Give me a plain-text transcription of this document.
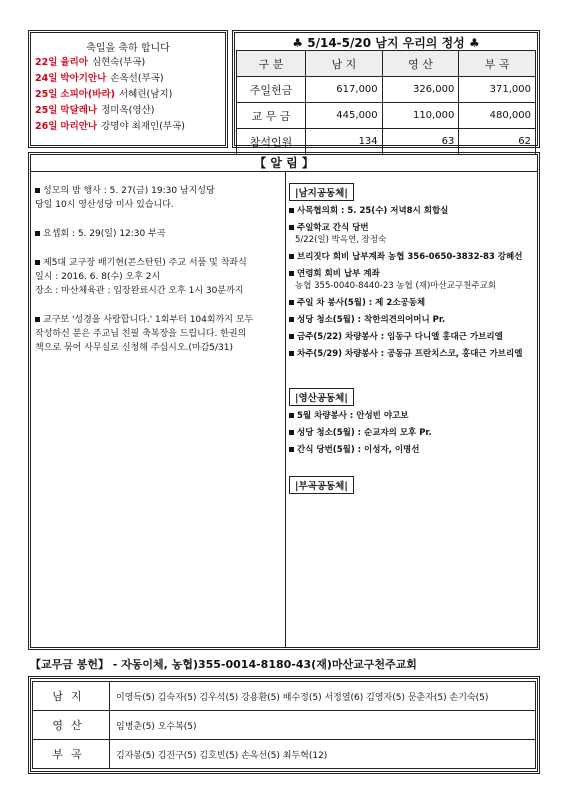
축일을 축하 합니다
22일 율리아 심현숙(부곡)
24일 박아기안나 손옥선(부곡)
25일 소피아(바라) 서혜린(남지)
25일 막달레나 정미옥(영산)
26일 마리안나 강명야 최재인(부곡)
♣ 5/14-5/20 남지 우리의 정성 ♣
구 분	남 지	영 산	부 곡
주일헌금	617,000	326,000	371,000
교 무 금	445,000	110,000	480,000
참석인원	134	63	62
【 알 림 】
성모의 밤 행사 : 5. 27(금) 19:30 남지성당
당일 10시 영산성당 미사 있습니다.
요셉회 : 5. 29(일) 12:30 부곡
제5대 교구장 배기현(콘스탄틴) 주교 서품 및 착좌식
일시 : 2016. 6. 8(수) 오후 2시
장소 : 마산체육관 : 입장완료시간 오후 1시 30분까지
교구보 '성경을 사랑합니다.' 1회부터 104회까지 모두
작성하신 분은 주교님 친필 축복장을 드립니다. 한권의
책으로 묶어 사무실로 신청해 주십시오.(마감5/31)
|남지공동체|
사목협의회 : 5. 25(수) 저녁8시 회합실
주일학교 간식 당번
5/22(일) 박옥연, 장정숙
브리짓다 회비 납부계좌 농협 356-0650-3832-83 강혜선
연령회 회비 납부 계좌
농협 355-0040-8440-23 농협 (재)마산교구천주교회
주일 차 봉사(5월) : 제 2소공동체
성당 청소(5월) : 착한의견의어머니 Pr.
금주(5/22) 차량봉사 : 임동구 다니엘 홍대근 가브리엘
차주(5/29) 차량봉사 : 공동규 프란치스코, 홍대근 가브리엘
|영산공동체|
5월 차량봉사 : 안성빈 야고보
성당 청소(5월) : 순교자의 모후 Pr.
간식 당번(5월) : 이성자, 이명선
|부곡공동체|
【교무금 봉헌】 - 자동이체, 농협)355-0014-8180-43(재)마산교구천주교회
남지	이영득(5) 김숙자(5) 김우석(5) 강용환(5) 배수정(5) 서정열(6) 김영자(5) 문춘자(5) 손기숙(5)
영산	임병춘(5) 오수복(5)
부곡	김자봉(5) 김진구(5) 김호빈(5) 손옥선(5) 최두혁(12)
